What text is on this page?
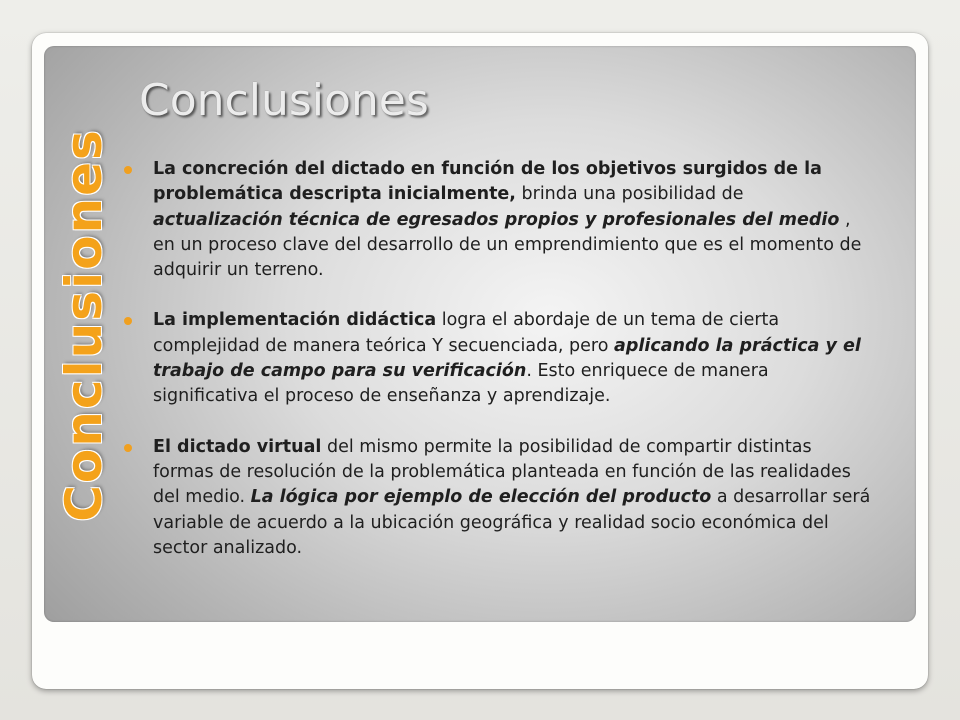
Conclusiones
Conclusiones	La concreción del dictado en función de los objetivos surgidos de la problemática descripta inicialmente, brinda una posibilidad de actualización técnica de egresados propios y profesionales del medio , en un proceso clave del desarrollo de un emprendimiento que es el momento de adquirir un terreno.
La implementación didáctica logra el abordaje de un tema de cierta complejidad de manera teórica Y secuenciada, pero aplicando la práctica y el trabajo de campo para su verificación. Esto enriquece de manera significativa el proceso de enseñanza y aprendizaje.
El dictado virtual del mismo permite la posibilidad de compartir distintas formas de resolución de la problemática planteada en función de las realidades del medio. La lógica por ejemplo de elección del producto a desarrollar será variable de acuerdo a la ubicación geográfica y realidad socio económica del sector analizado.
